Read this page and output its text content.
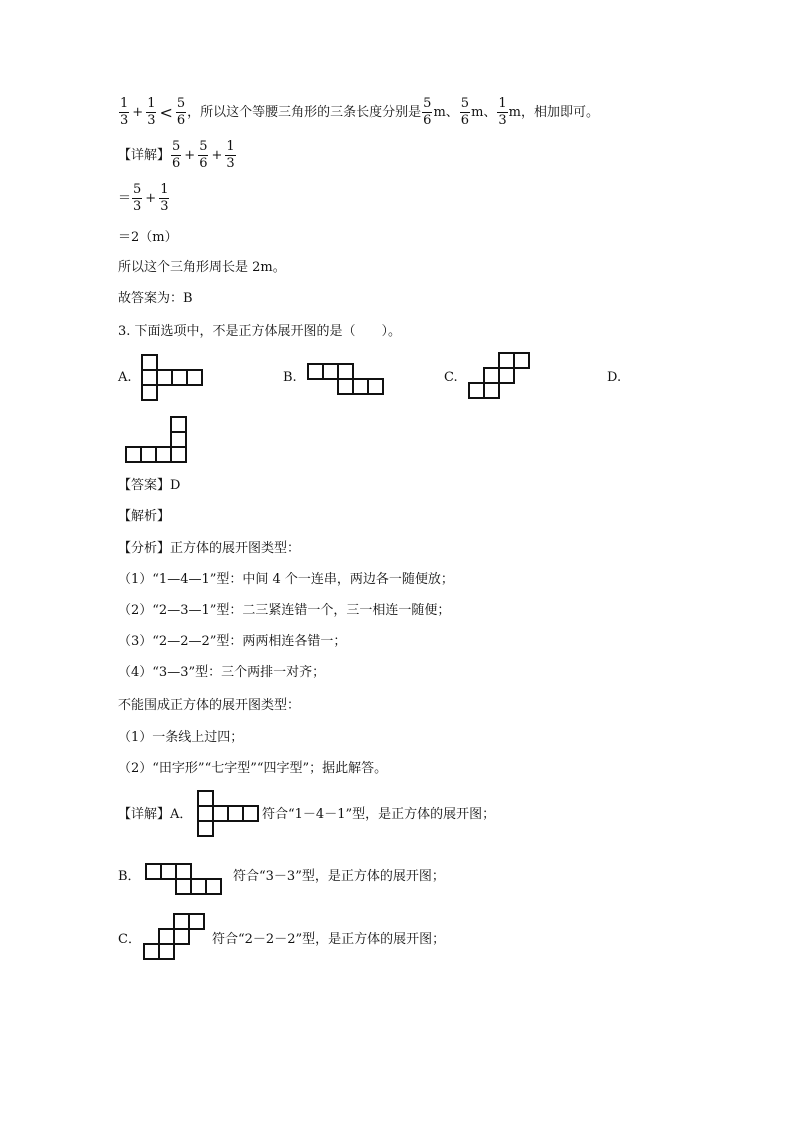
$\frac{1}{3} + \frac{1}{3} < \frac{5}{6}$ ，所以这个等腰三角形的三条长度分别是 $\frac{5}{6}$ m、 $\frac{5}{6}$ m、 $\frac{1}{3}$ m，相加即可。
【详解】 $\frac{5}{6} + \frac{5}{6} + \frac{1}{3}$
＝ $\frac{5}{3} + \frac{1}{3}$
＝2（m）
所以这个三角形周长是 2m。
故答案为：B
3. 下面选项中，不是正方体展开图的是（　　）。
A.	B.	C.	D.
【答案】D
【解析】
【分析】正方体的展开图类型：
（1）“1—4—1”型：中间 4 个一连串，两边各一随便放；
（2）“2—3—1”型：二三紧连错一个，三一相连一随便；
（3）“2—2—2”型：两两相连各错一；
（4）“3—3”型：三个两排一对齐；
不能围成正方体的展开图类型：
（1）一条线上过四；
（2）“田字形”“七字型”“四字型”；据此解答。
【详解】A．	符合“1－4－1”型，是正方体的展开图；
B．	符合“3－3”型，是正方体的展开图；
C．	符合“2－2－2”型，是正方体的展开图；
